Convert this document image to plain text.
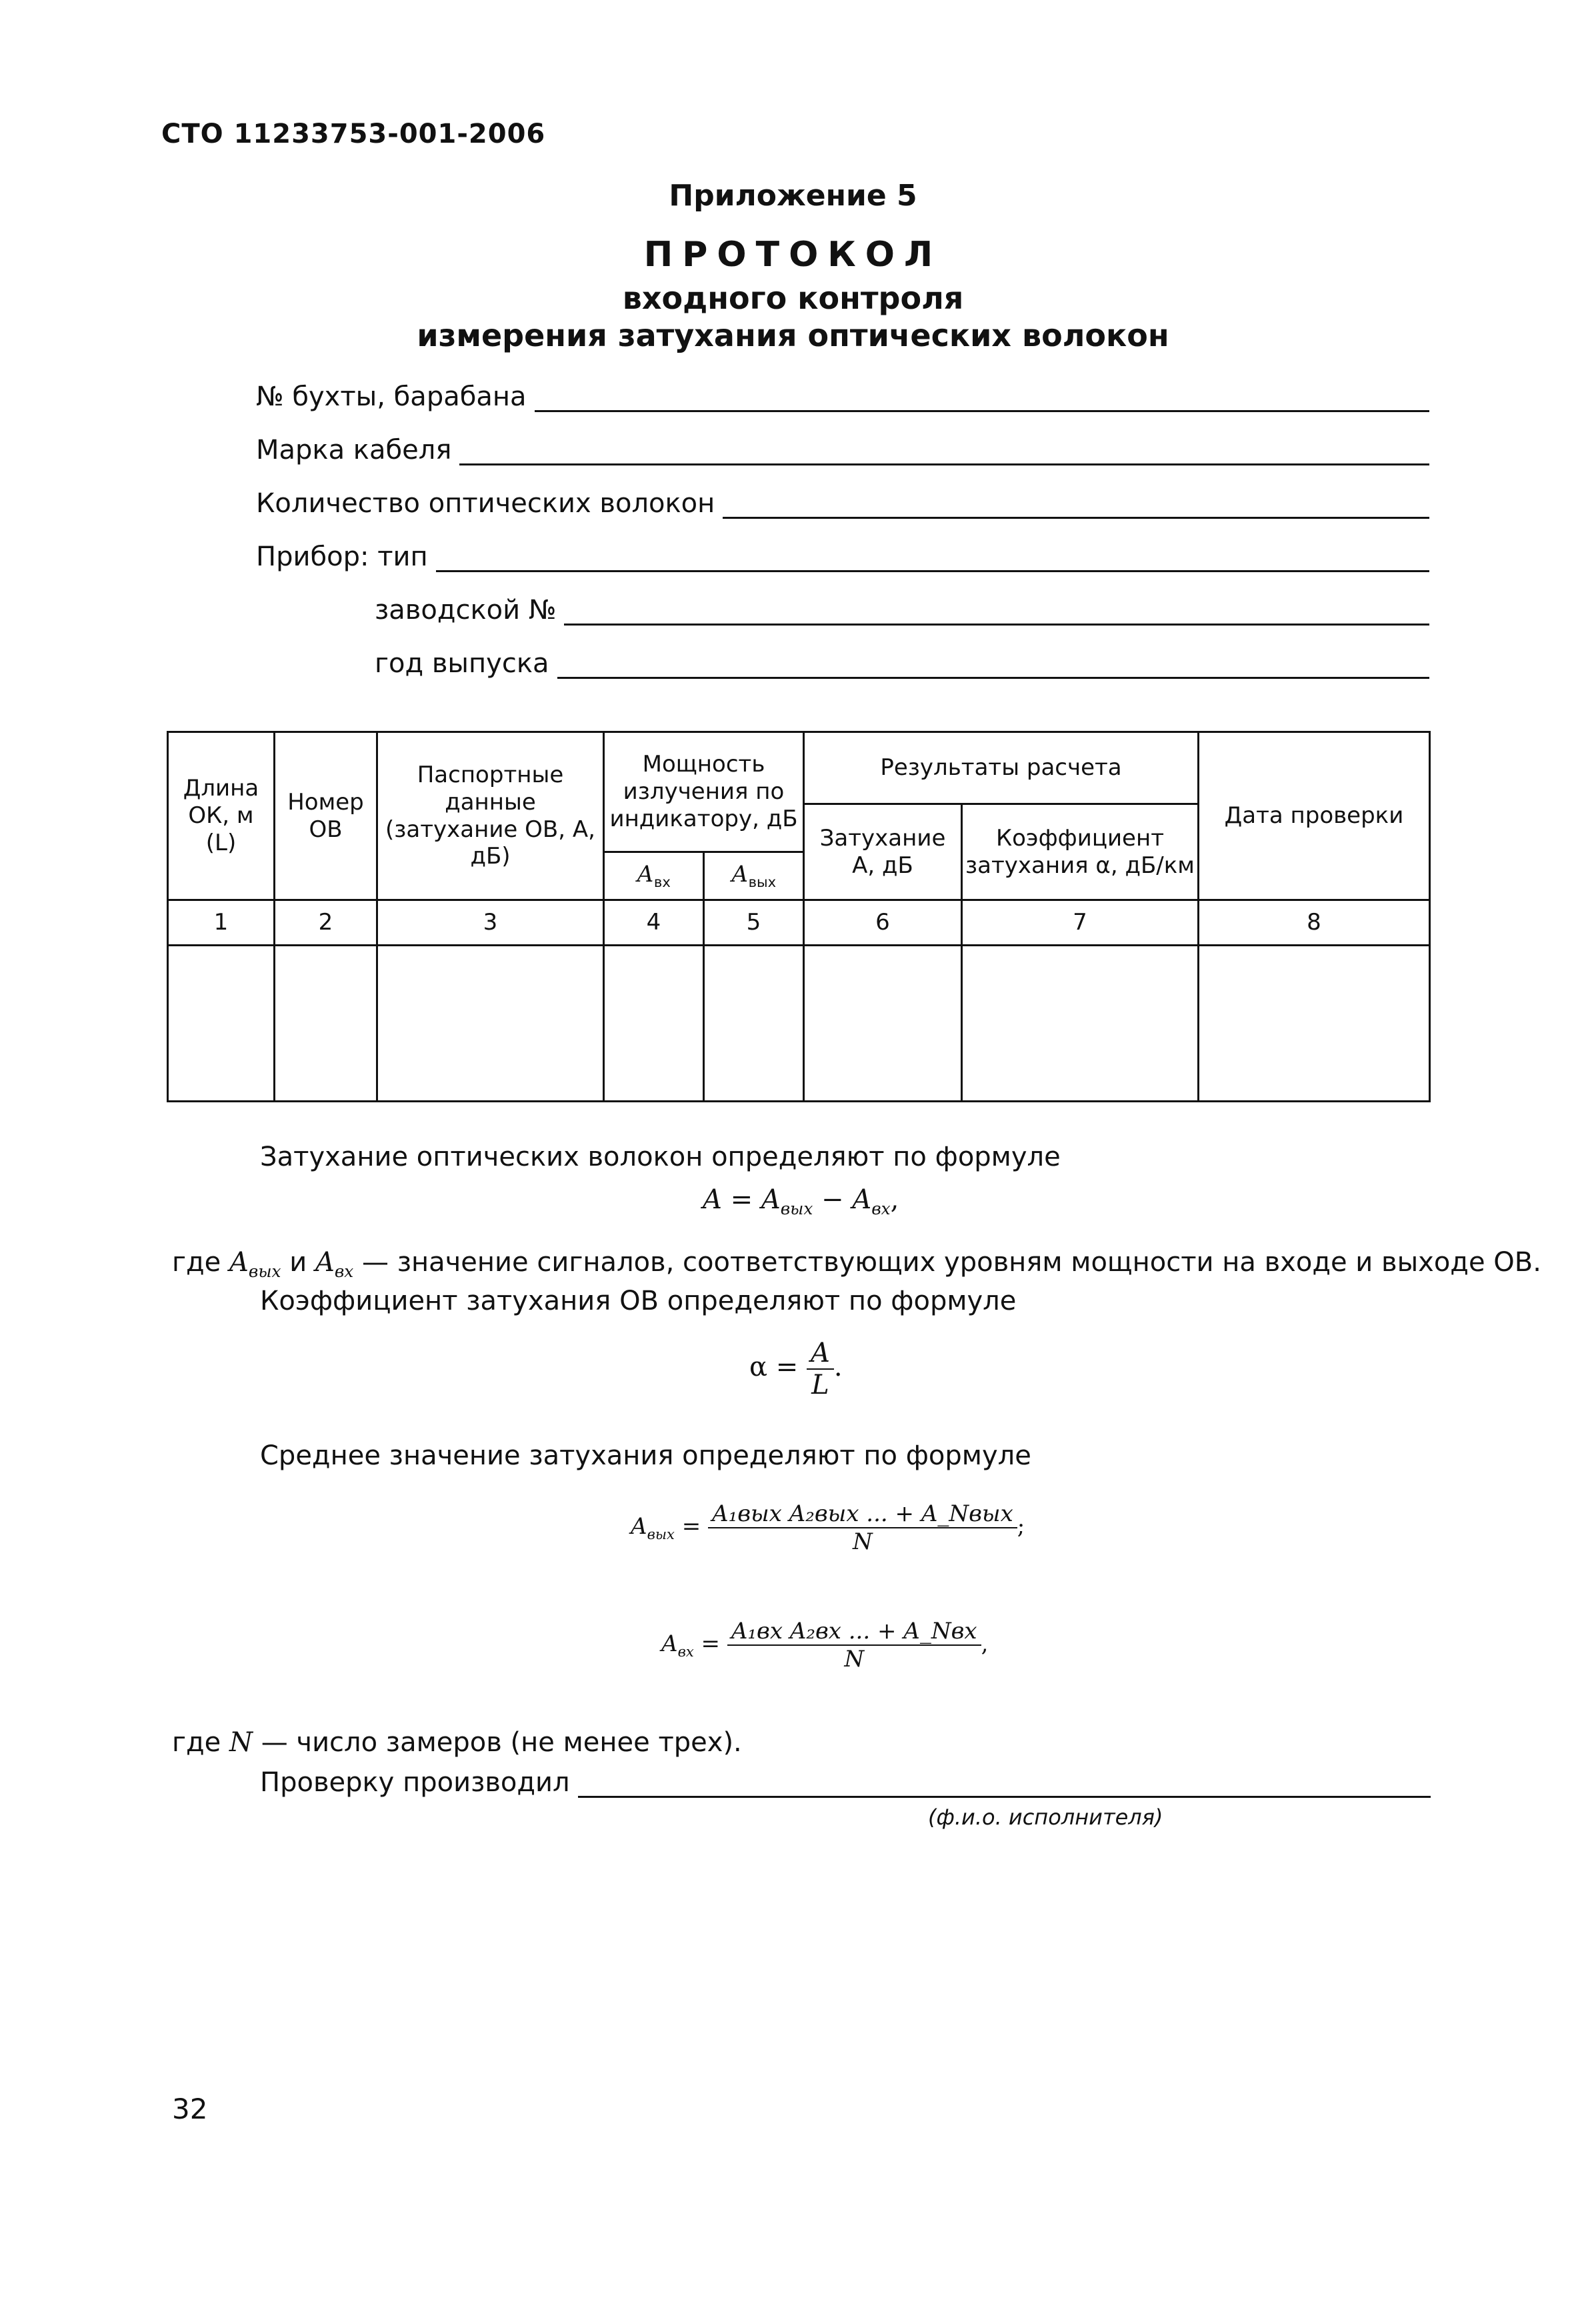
СТО 11233753-001-2006
Приложение 5
ПРОТОКОЛ
входного контроля
измерения затухания оптических волокон
№ бухты, барабана
Марка кабеля
Количество оптических волокон
Прибор: тип
заводской №
год выпуска
Длина ОК, м (L)	Номер ОВ	Паспортные данные (затухание ОВ, А, дБ)	Мощность излучения по индикатору, дБ		Результаты расчета		Дата проверки
					Затухание А, дБ	Коэффициент затухания α, дБ/км	
			$А_{вх}$	$А_{вых}$
1	2	3	4	5	6	7	8

Затухание оптических волокон определяют по формуле
$A = A_{вых} - A_{вх}$,
где $A_{вых}$ и $A_{вх}$ — значение сигналов, соответствующих уровням мощности на входе и выходе ОВ.
Коэффициент затухания ОВ определяют по формуле
$\alpha = \frac{A}{L}$ .
Среднее значение затухания определяют по формуле
$A_{вых} = \frac{\text{A₁вых A₂вых ... + A\_Nвых}}{N}$ ;
$A_{вх} = \frac{\text{A₁вх A₂вх ... + A\_Nвх}}{N}$ ,
где N — число замеров (не менее трех).
Проверку производил
(ф.и.о. исполнителя)
32
